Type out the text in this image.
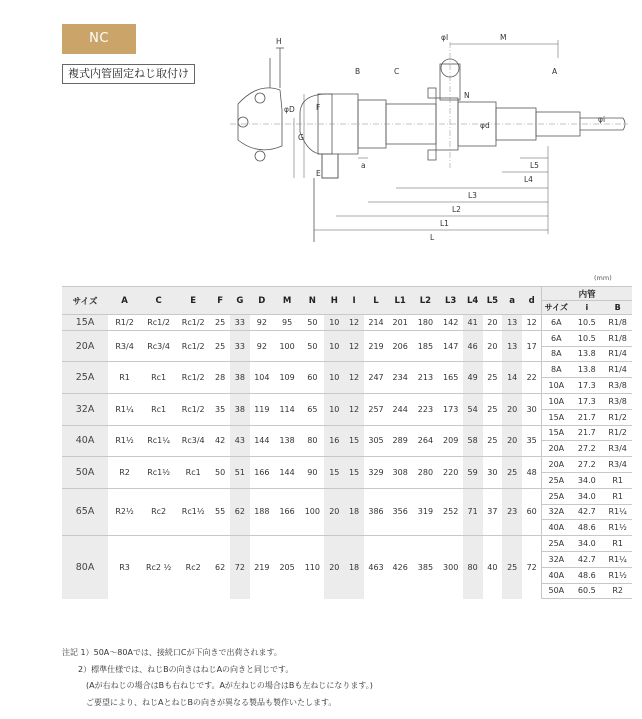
NC
複式内管固定ねじ取付け
H	φI	M
B	C	A
φD
N
F
G
φd
φi
a
E
L5
L4
L3
L2
L1
L
(mm)
サイズ	A	C	E	F	G	D	M	N	H	I	L	L1	L2	L3	L4	L5	a	d	内管		
																			サイズ	i	B
15A	R1/2	Rc1/2	Rc1/2	25	33	92	95	50	10	12	214	201	180	142	41	20	13	12	6A	10.5	R1/8
20A	R3/4	Rc3/4	Rc1/2	25	33	92	100	50	10	12	219	206	185	147	46	20	13	17	6A	10.5	R1/8
																			8A	13.8	R1/4
25A	R1	Rc1	Rc1/2	28	38	104	109	60	10	12	247	234	213	165	49	25	14	22	8A	13.8	R1/4
																			10A	17.3	R3/8
32A	R1¼	Rc1	Rc1/2	35	38	119	114	65	10	12	257	244	223	173	54	25	20	30	10A	17.3	R3/8
																			15A	21.7	R1/2
40A	R1½	Rc1¼	Rc3/4	42	43	144	138	80	16	15	305	289	264	209	58	25	20	35	15A	21.7	R1/2
																			20A	27.2	R3/4
50A	R2	Rc1½	Rc1	50	51	166	144	90	15	15	329	308	280	220	59	30	25	48	20A	27.2	R3/4
																			25A	34.0	R1
65A	R2½	Rc2	Rc1½	55	62	188	166	100	20	18	386	356	319	252	71	37	23	60	25A	34.0	R1
																			32A	42.7	R1¼
																			40A	48.6	R1½
80A	R3	Rc2 ½	Rc2	62	72	219	205	110	20	18	463	426	385	300	80	40	25	72	25A	34.0	R1
																			32A	42.7	R1¼
																			40A	48.6	R1½
																			50A	60.5	R2
注記 1）50A～80Aでは、接続口Cが下向きで出荷されます。
2）標準仕様では、ねじBの向きはねじAの向きと同じです。
(Aが右ねじの場合はBも右ねじです。Aが左ねじの場合はBも左ねじになります。)
ご要望により、ねじAとねじBの向きが異なる製品も製作いたします。
